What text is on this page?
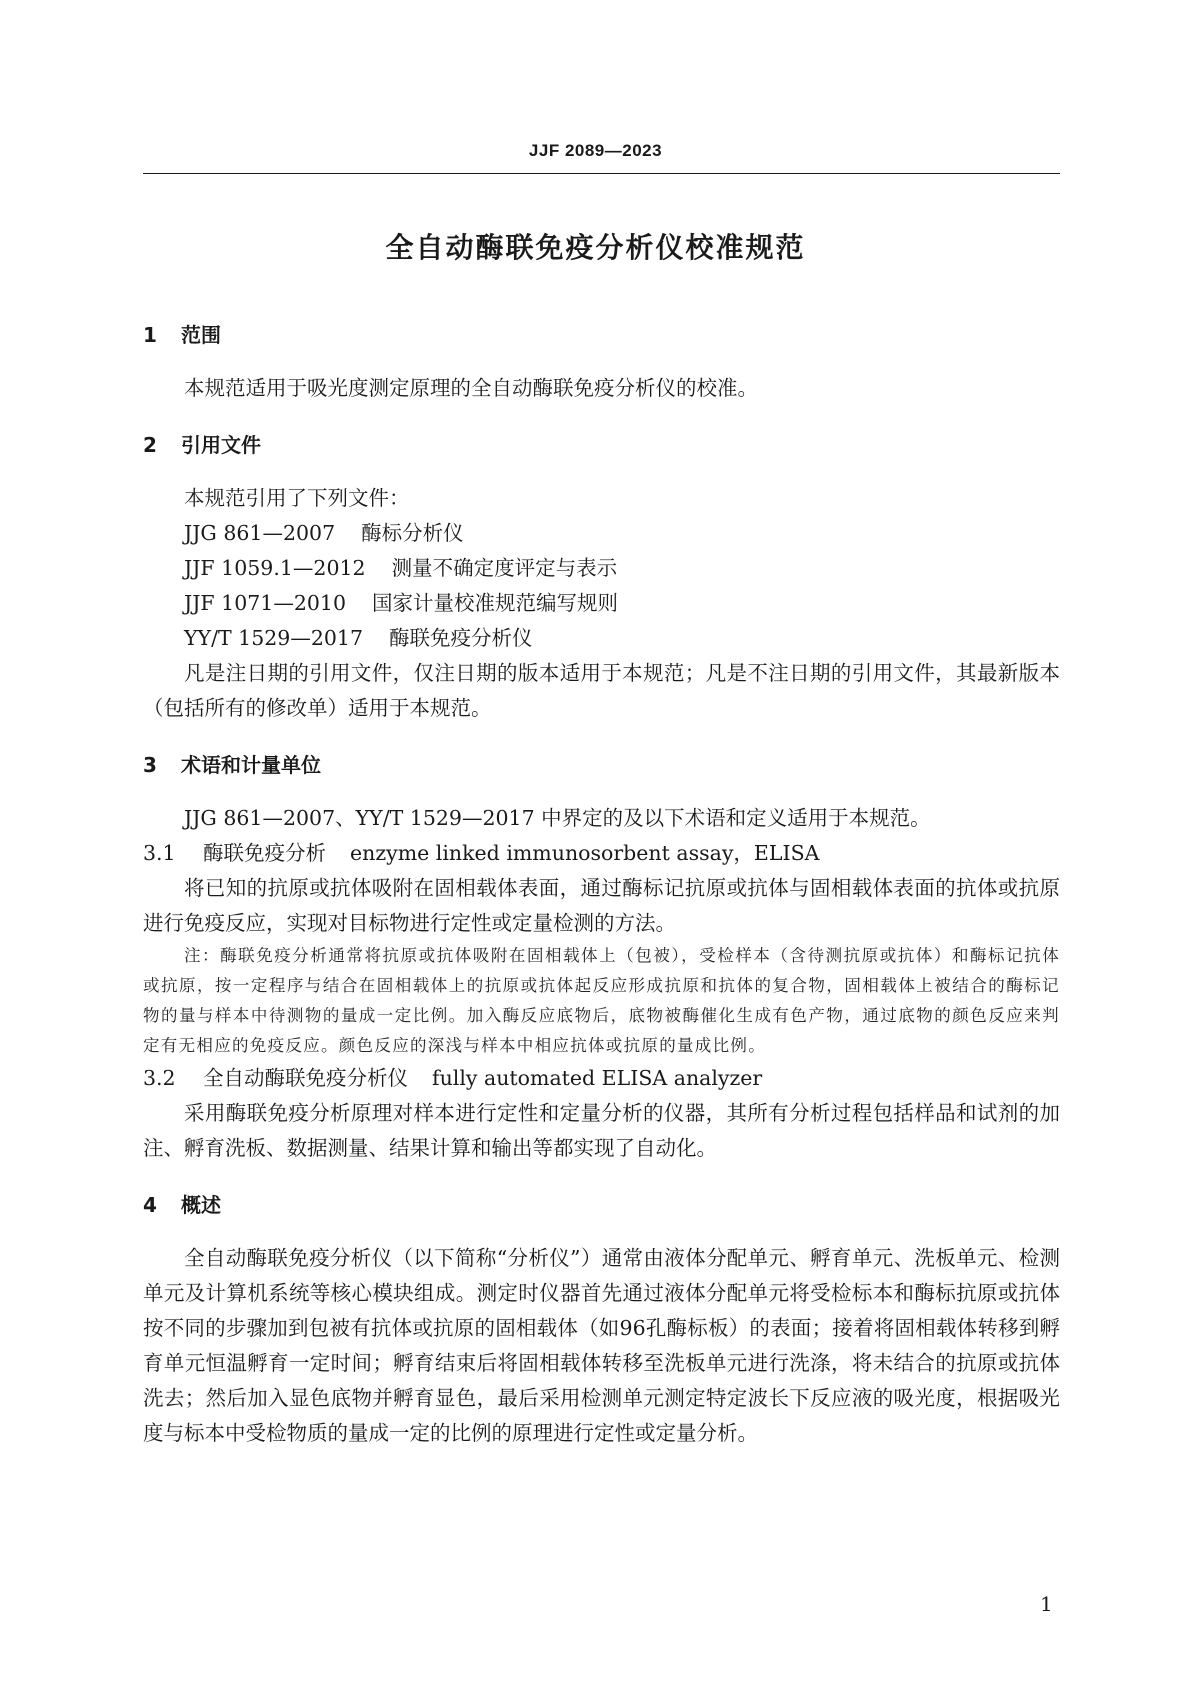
JJF 2089—2023
全自动酶联免疫分析仪校准规范
1 范围
本规范适用于吸光度测定原理的全自动酶联免疫分析仪的校准。
2 引用文件
本规范引用了下列文件：
JJG 861—2007 酶标分析仪
JJF 1059.1—2012 测量不确定度评定与表示
JJF 1071—2010 国家计量校准规范编写规则
YY/T 1529—2017 酶联免疫分析仪
凡是注日期的引用文件，仅注日期的版本适用于本规范；凡是不注日期的引用文件，其最新版本（包括所有的修改单）适用于本规范。
3 术语和计量单位
JJG 861—2007、YY/T 1529—2017 中界定的及以下术语和定义适用于本规范。
3.1 酶联免疫分析 enzyme linked immunosorbent assay，ELISA
将已知的抗原或抗体吸附在固相载体表面，通过酶标记抗原或抗体与固相载体表面的抗体或抗原进行免疫反应，实现对目标物进行定性或定量检测的方法。
注：酶联免疫分析通常将抗原或抗体吸附在固相载体上（包被），受检样本（含待测抗原或抗体）和酶标记抗体或抗原，按一定程序与结合在固相载体上的抗原或抗体起反应形成抗原和抗体的复合物，固相载体上被结合的酶标记物的量与样本中待测物的量成一定比例。加入酶反应底物后，底物被酶催化生成有色产物，通过底物的颜色反应来判定有无相应的免疫反应。颜色反应的深浅与样本中相应抗体或抗原的量成比例。
3.2 全自动酶联免疫分析仪 fully automated ELISA analyzer
采用酶联免疫分析原理对样本进行定性和定量分析的仪器，其所有分析过程包括样品和试剂的加注、孵育洗板、数据测量、结果计算和输出等都实现了自动化。
4 概述
全自动酶联免疫分析仪（以下简称“分析仪”）通常由液体分配单元、孵育单元、洗板单元、检测单元及计算机系统等核心模块组成。测定时仪器首先通过液体分配单元将受检标本和酶标抗原或抗体按不同的步骤加到包被有抗体或抗原的固相载体（如96孔酶标板）的表面；接着将固相载体转移到孵育单元恒温孵育一定时间；孵育结束后将固相载体转移至洗板单元进行洗涤，将未结合的抗原或抗体洗去；然后加入显色底物并孵育显色，最后采用检测单元测定特定波长下反应液的吸光度，根据吸光度与标本中受检物质的量成一定的比例的原理进行定性或定量分析。
1
